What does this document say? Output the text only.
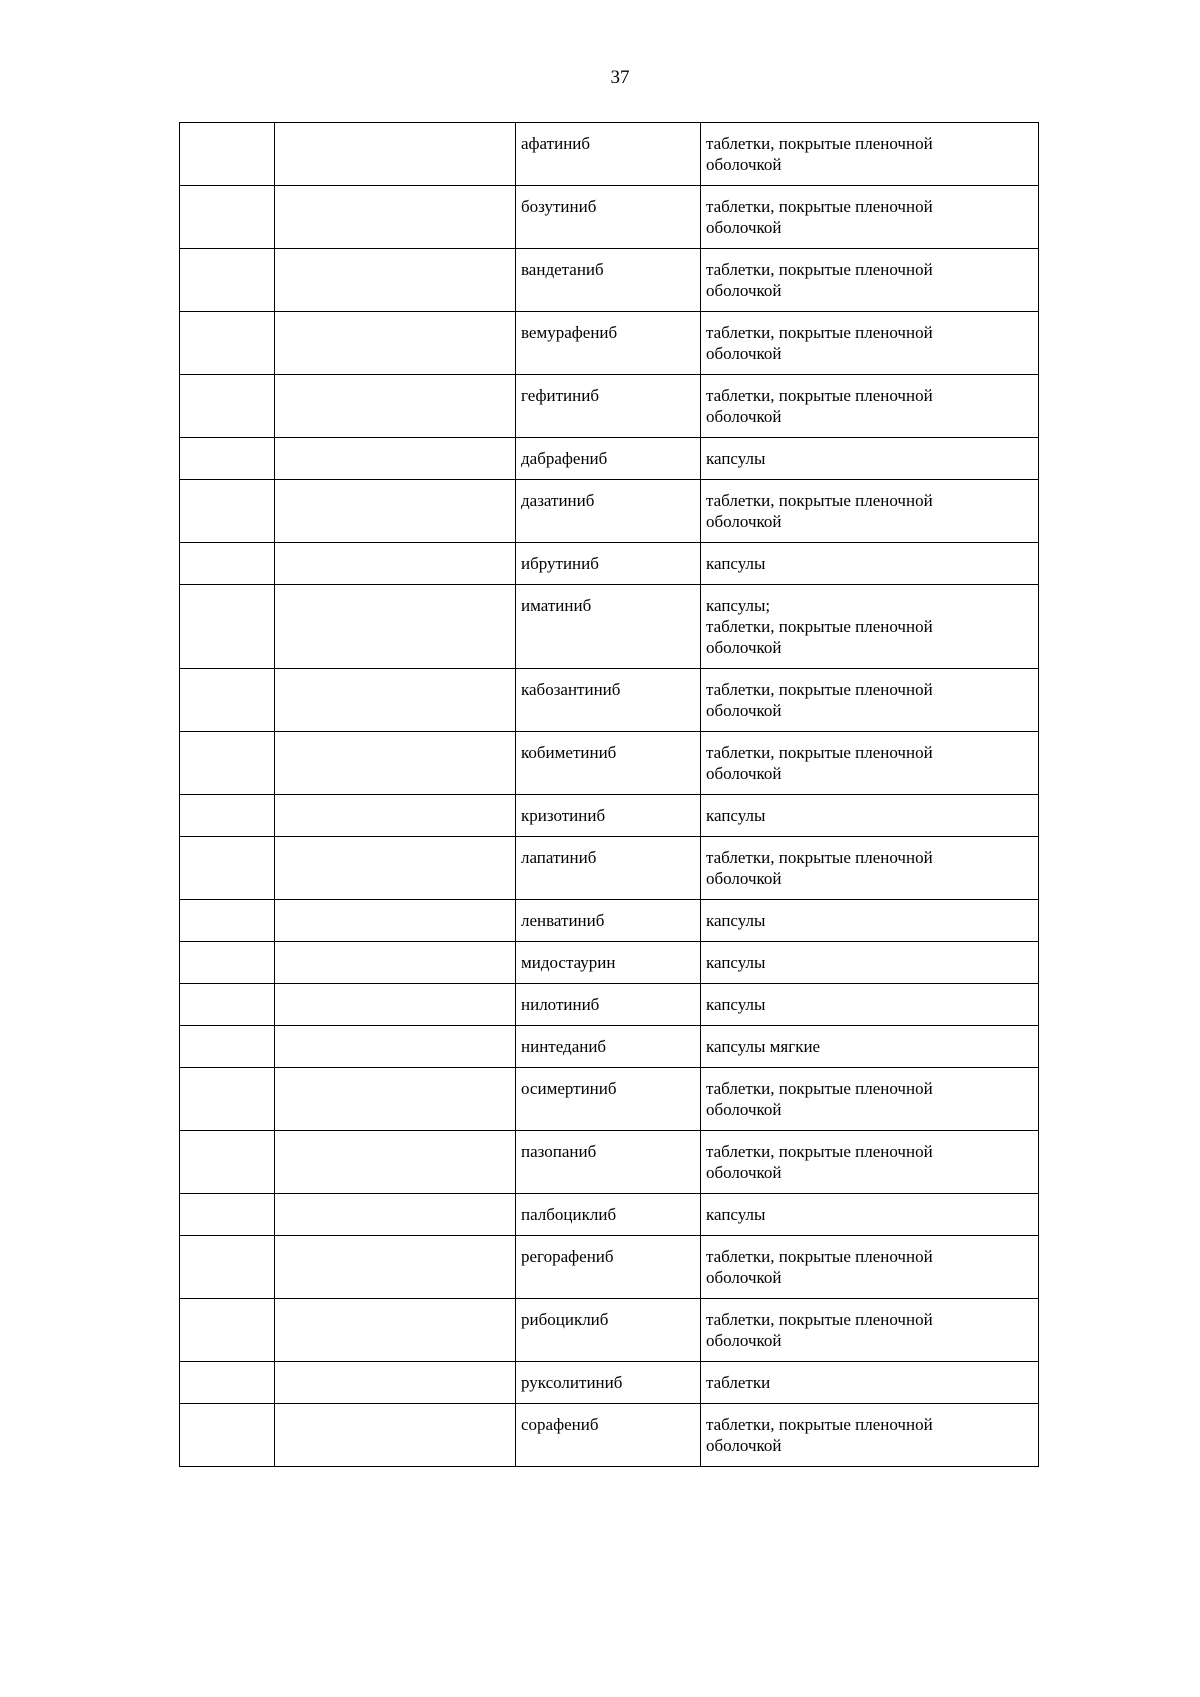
37
		афатиниб	таблетки, покрытые пленочной
оболочкой
		бозутиниб	таблетки, покрытые пленочной
оболочкой
		вандетаниб	таблетки, покрытые пленочной
оболочкой
		вемурафениб	таблетки, покрытые пленочной
оболочкой
		гефитиниб	таблетки, покрытые пленочной
оболочкой
		дабрафениб	капсулы
		дазатиниб	таблетки, покрытые пленочной
оболочкой
		ибрутиниб	капсулы
		иматиниб	капсулы;
таблетки, покрытые пленочной
оболочкой
		кабозантиниб	таблетки, покрытые пленочной
оболочкой
		кобиметиниб	таблетки, покрытые пленочной
оболочкой
		кризотиниб	капсулы
		лапатиниб	таблетки, покрытые пленочной
оболочкой
		ленватиниб	капсулы
		мидостаурин	капсулы
		нилотиниб	капсулы
		нинтеданиб	капсулы мягкие
		осимертиниб	таблетки, покрытые пленочной
оболочкой
		пазопаниб	таблетки, покрытые пленочной
оболочкой
		палбоциклиб	капсулы
		регорафениб	таблетки, покрытые пленочной
оболочкой
		рибоциклиб	таблетки, покрытые пленочной
оболочкой
		руксолитиниб	таблетки
		сорафениб	таблетки, покрытые пленочной
оболочкой
